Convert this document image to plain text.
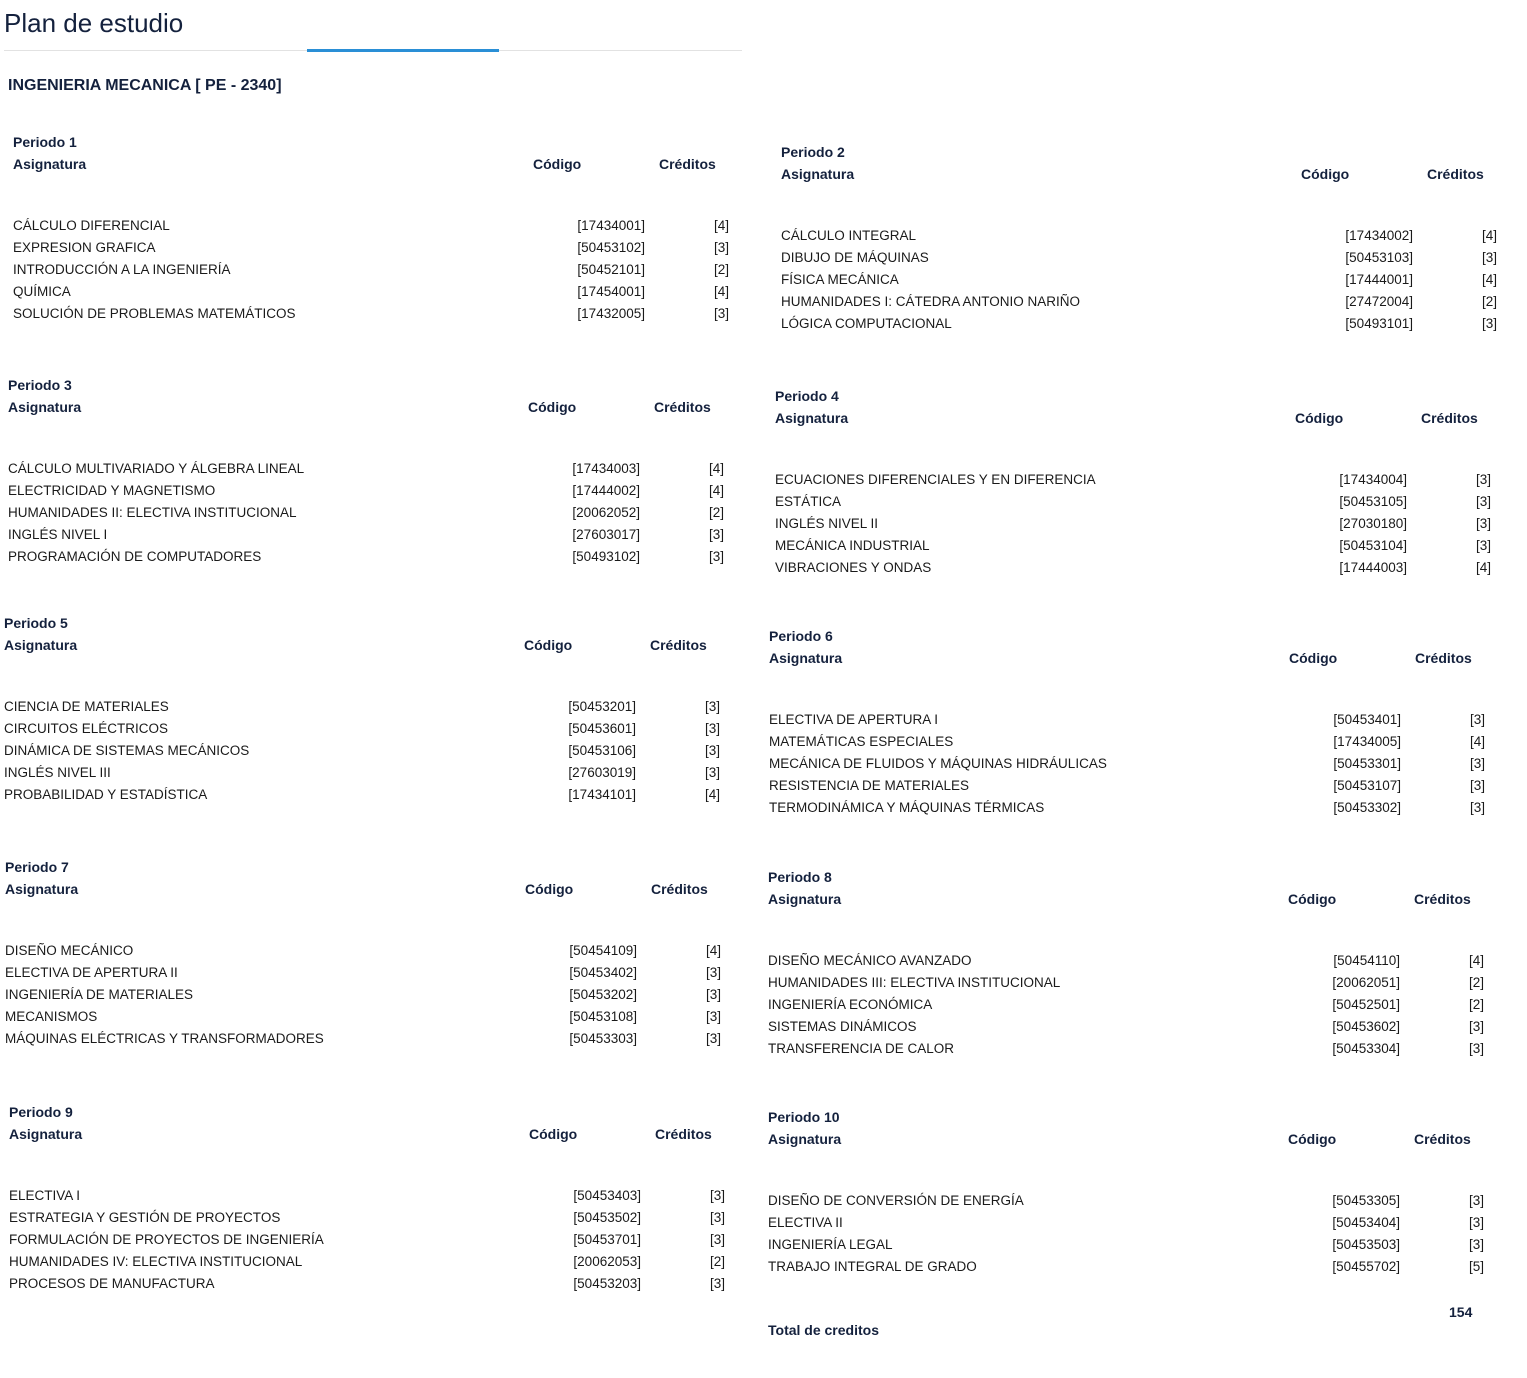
Plan de estudio
INGENIERIA MECANICA [ PE - 2340]
Periodo 1
Asignatura	Código	Créditos
CÁLCULO DIFERENCIAL	[17434001]	[4]
EXPRESION GRAFICA	[50453102]	[3]
INTRODUCCIÓN A LA INGENIERÍA	[50452101]	[2]
QUÍMICA	[17454001]	[4]
SOLUCIÓN DE PROBLEMAS MATEMÁTICOS	[17432005]	[3]
Periodo 2
Asignatura	Código	Créditos
CÁLCULO INTEGRAL	[17434002]	[4]
DIBUJO DE MÁQUINAS	[50453103]	[3]
FÍSICA MECÁNICA	[17444001]	[4]
HUMANIDADES I: CÁTEDRA ANTONIO NARIÑO	[27472004]	[2]
LÓGICA COMPUTACIONAL	[50493101]	[3]
Periodo 3
Asignatura	Código	Créditos
CÁLCULO MULTIVARIADO Y ÁLGEBRA LINEAL	[17434003]	[4]
ELECTRICIDAD Y MAGNETISMO	[17444002]	[4]
HUMANIDADES II: ELECTIVA INSTITUCIONAL	[20062052]	[2]
INGLÉS NIVEL I	[27603017]	[3]
PROGRAMACIÓN DE COMPUTADORES	[50493102]	[3]
Periodo 4
Asignatura	Código	Créditos
ECUACIONES DIFERENCIALES Y EN DIFERENCIA	[17434004]	[3]
ESTÁTICA	[50453105]	[3]
INGLÉS NIVEL II	[27030180]	[3]
MECÁNICA INDUSTRIAL	[50453104]	[3]
VIBRACIONES Y ONDAS	[17444003]	[4]
Periodo 5
Asignatura	Código	Créditos
CIENCIA DE MATERIALES	[50453201]	[3]
CIRCUITOS ELÉCTRICOS	[50453601]	[3]
DINÁMICA DE SISTEMAS MECÁNICOS	[50453106]	[3]
INGLÉS NIVEL III	[27603019]	[3]
PROBABILIDAD Y ESTADÍSTICA	[17434101]	[4]
Periodo 6
Asignatura	Código	Créditos
ELECTIVA DE APERTURA I	[50453401]	[3]
MATEMÁTICAS ESPECIALES	[17434005]	[4]
MECÁNICA DE FLUIDOS Y MÁQUINAS HIDRÁULICAS	[50453301]	[3]
RESISTENCIA DE MATERIALES	[50453107]	[3]
TERMODINÁMICA Y MÁQUINAS TÉRMICAS	[50453302]	[3]
Periodo 7
Asignatura	Código	Créditos
DISEÑO MECÁNICO	[50454109]	[4]
ELECTIVA DE APERTURA II	[50453402]	[3]
INGENIERÍA DE MATERIALES	[50453202]	[3]
MECANISMOS	[50453108]	[3]
MÁQUINAS ELÉCTRICAS Y TRANSFORMADORES	[50453303]	[3]
Periodo 8
Asignatura	Código	Créditos
DISEÑO MECÁNICO AVANZADO	[50454110]	[4]
HUMANIDADES III: ELECTIVA INSTITUCIONAL	[20062051]	[2]
INGENIERÍA ECONÓMICA	[50452501]	[2]
SISTEMAS DINÁMICOS	[50453602]	[3]
TRANSFERENCIA DE CALOR	[50453304]	[3]
Periodo 9
Asignatura	Código	Créditos
ELECTIVA I	[50453403]	[3]
ESTRATEGIA Y GESTIÓN DE PROYECTOS	[50453502]	[3]
FORMULACIÓN DE PROYECTOS DE INGENIERÍA	[50453701]	[3]
HUMANIDADES IV: ELECTIVA INSTITUCIONAL	[20062053]	[2]
PROCESOS DE MANUFACTURA	[50453203]	[3]
Periodo 10
Asignatura	Código	Créditos
DISEÑO DE CONVERSIÓN DE ENERGÍA	[50453305]	[3]
ELECTIVA II	[50453404]	[3]
INGENIERÍA LEGAL	[50453503]	[3]
TRABAJO INTEGRAL DE GRADO	[50455702]	[5]
154
Total de creditos
